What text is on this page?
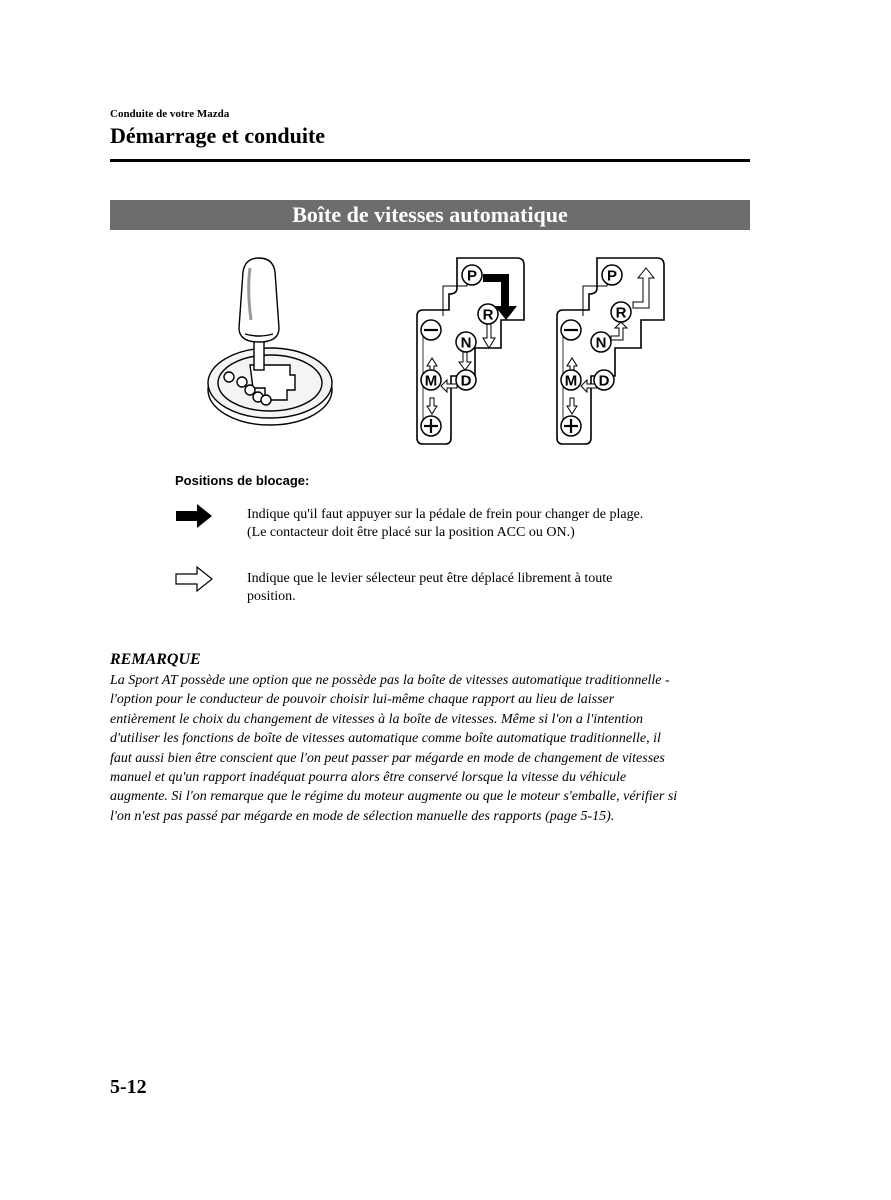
Conduite de votre Mazda
Démarrage et conduite
Boîte de vitesses automatique
P
R
N
D
M
P
R
N
D
M
Positions de blocage:
Indique qu'il faut appuyer sur la pédale de frein pour changer de plage.
(Le contacteur doit être placé sur la position ACC ou ON.)
Indique que le levier sélecteur peut être déplacé librement à toute
position.
REMARQUE
La Sport AT possède une option que ne possède pas la boîte de vitesses automatique traditionnelle -
l'option pour le conducteur de pouvoir choisir lui-même chaque rapport au lieu de laisser
entièrement le choix du changement de vitesses à la boîte de vitesses. Même si l'on a l'intention
d'utiliser les fonctions de boîte de vitesses automatique comme boîte automatique traditionnelle, il
faut aussi bien être conscient que l'on peut passer par mégarde en mode de changement de vitesses
manuel et qu'un rapport inadéquat pourra alors être conservé lorsque la vitesse du véhicule
augmente. Si l'on remarque que le régime du moteur augmente ou que le moteur s'emballe, vérifier si
l'on n'est pas passé par mégarde en mode de sélection manuelle des rapports (page 5-15).
5-12
